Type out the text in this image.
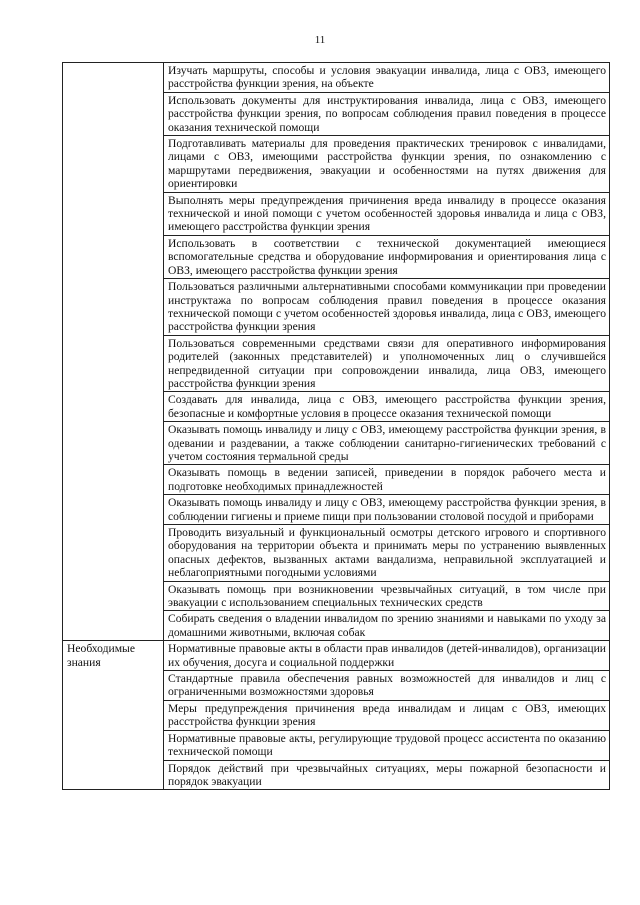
11
	Изучать маршруты, способы и условия эвакуации инвалида, лица с ОВЗ, имеющего расстройства функции зрения, на объекте
	Использовать документы для инструктирования инвалида, лица с ОВЗ, имеющего расстройства функции зрения, по вопросам соблюдения правил поведения в процессе оказания технической помощи
	Подготавливать материалы для проведения практических тренировок с инвалидами, лицами с ОВЗ, имеющими расстройства функции зрения, по ознакомлению с маршрутами передвижения, эвакуации и особенностями на путях движения для ориентировки
	Выполнять меры предупреждения причинения вреда инвалиду в процессе оказания технической и иной помощи с учетом особенностей здоровья инвалида и лица с ОВЗ, имеющего расстройства функции зрения
	Использовать в соответствии с технической документацией имеющиеся вспомогательные средства и оборудование информирования и ориентирования лица с ОВЗ, имеющего расстройства функции зрения
	Пользоваться различными альтернативными способами коммуникации при проведении инструктажа по вопросам соблюдения правил поведения в процессе оказания технической помощи с учетом особенностей здоровья инвалида, лица с ОВЗ, имеющего расстройства функции зрения
	Пользоваться современными средствами связи для оперативного информирования родителей (законных представителей) и уполномоченных лиц о случившейся непредвиденной ситуации при сопровождении инвалида, лица ОВЗ, имеющего расстройства функции зрения
	Создавать для инвалида, лица с ОВЗ, имеющего расстройства функции зрения, безопасные и комфортные условия в процессе оказания технической помощи
	Оказывать помощь инвалиду и лицу с ОВЗ, имеющему расстройства функции зрения, в одевании и раздевании, а также соблюдении санитарно-гигиенических требований с учетом состояния термальной среды
	Оказывать помощь в ведении записей, приведении в порядок рабочего места и подготовке необходимых принадлежностей
	Оказывать помощь инвалиду и лицу с ОВЗ, имеющему расстройства функции зрения, в соблюдении гигиены и приеме пищи при пользовании столовой посудой и приборами
	Проводить визуальный и функциональный осмотры детского игрового и спортивного оборудования на территории объекта и принимать меры по устранению выявленных опасных дефектов, вызванных актами вандализма, неправильной эксплуатацией и неблагоприятными погодными условиями
	Оказывать помощь при возникновении чрезвычайных ситуаций, в том числе при эвакуации с использованием специальных технических средств
	Собирать сведения о владении инвалидом по зрению знаниями и навыками по уходу за домашними животными, включая собак
Необходимые знания	Нормативные правовые акты в области прав инвалидов (детей-инвалидов), организации их обучения, досуга и социальной поддержки
	Стандартные правила обеспечения равных возможностей для инвалидов и лиц с ограниченными возможностями здоровья
	Меры предупреждения причинения вреда инвалидам и лицам с ОВЗ, имеющих расстройства функции зрения
	Нормативные правовые акты, регулирующие трудовой процесс ассистента по оказанию технической помощи
	Порядок действий при чрезвычайных ситуациях, меры пожарной безопасности и порядок эвакуации
